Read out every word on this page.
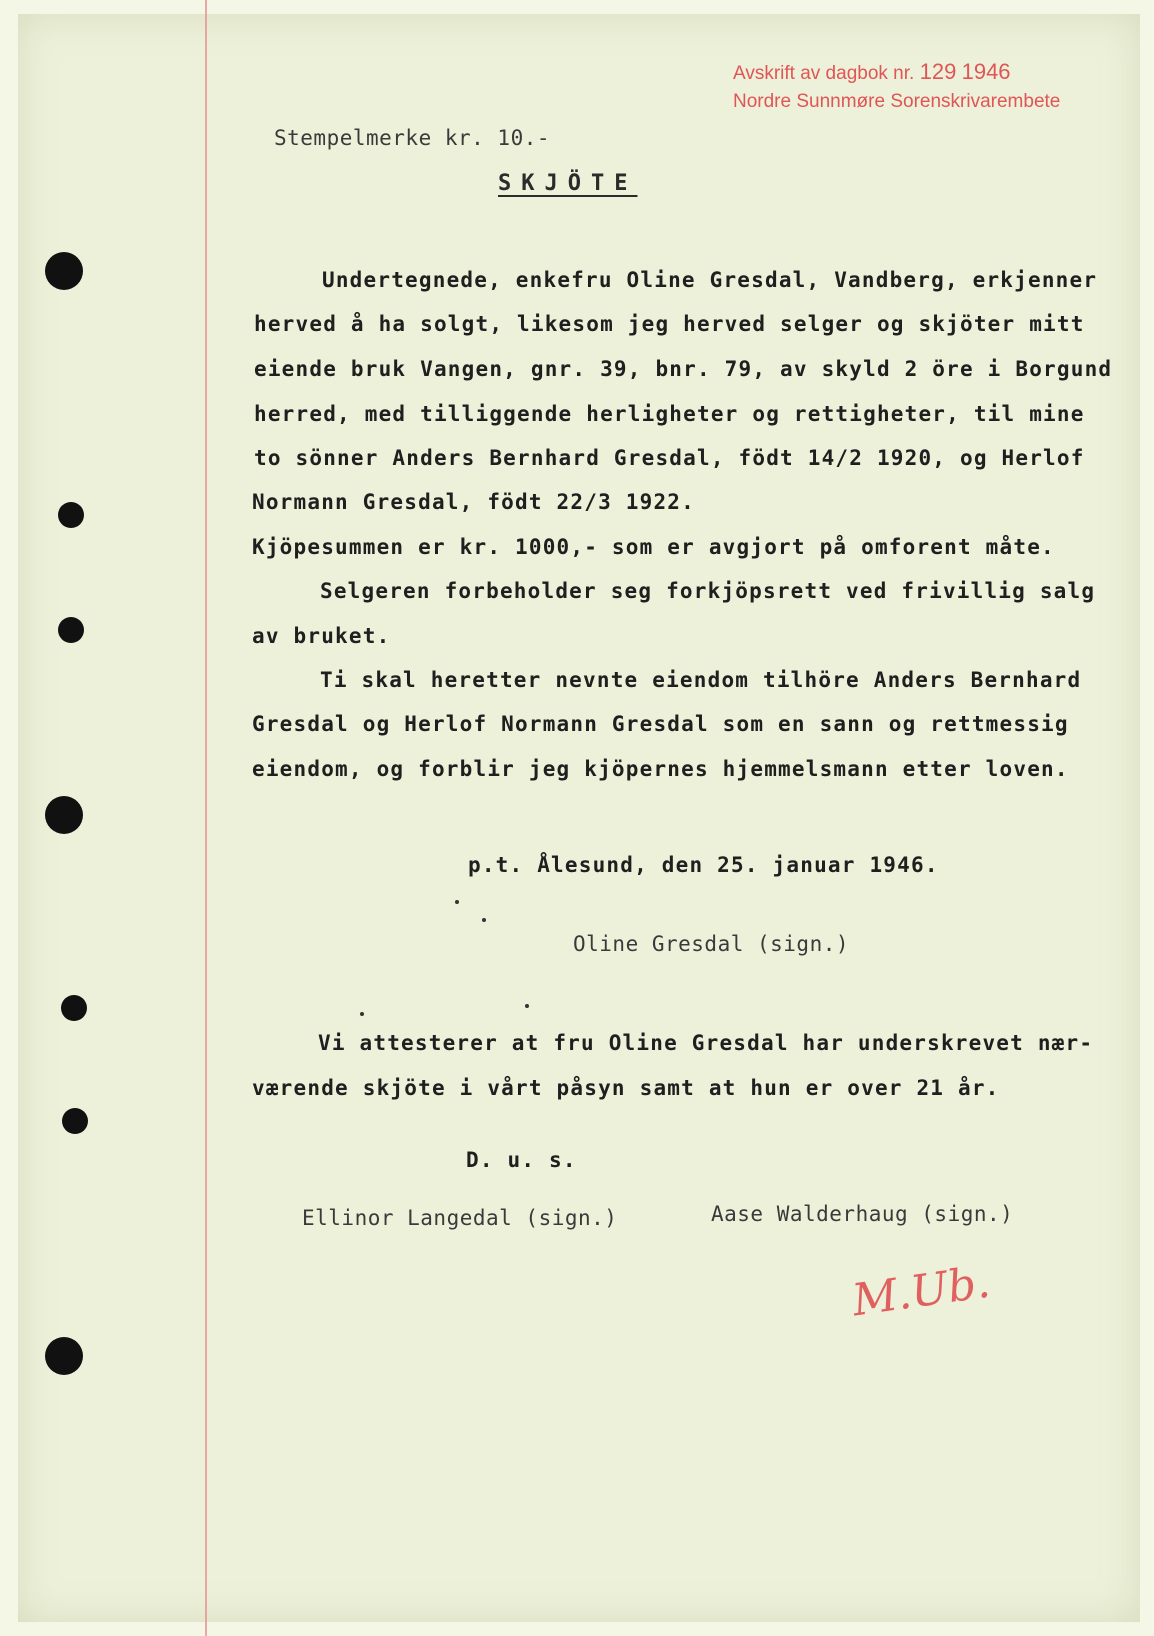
Avskrift av dagbok nr. 129 1946
Nordre Sunnmøre Sorenskrivarembete
Stempelmerke kr. 10.-
SKJÖTE
Undertegnede, enkefru Oline Gresdal, Vandberg, erkjenner
herved å ha solgt, likesom jeg herved selger og skjöter mitt
eiende bruk Vangen, gnr. 39, bnr. 79, av skyld 2 öre i Borgund
herred, med tilliggende herligheter og rettigheter, til mine
to sönner Anders Bernhard Gresdal, födt 14/2 1920, og Herlof
Normann Gresdal, födt 22/3 1922.
Kjöpesummen er kr. 1000,- som er avgjort på omforent måte.
Selgeren forbeholder seg forkjöpsrett ved frivillig salg
av bruket.
Ti skal heretter nevnte eiendom tilhöre Anders Bernhard
Gresdal og Herlof Normann Gresdal som en sann og rettmessig
eiendom, og forblir jeg kjöpernes hjemmelsmann etter loven.
p.t. Ålesund, den 25. januar 1946.
Oline Gresdal (sign.)
Vi attesterer at fru Oline Gresdal har underskrevet nær-
værende skjöte i vårt påsyn samt at hun er over 21 år.
D. u. s.
Ellinor Langedal (sign.)	Aase Walderhaug (sign.)
M.Ub.
